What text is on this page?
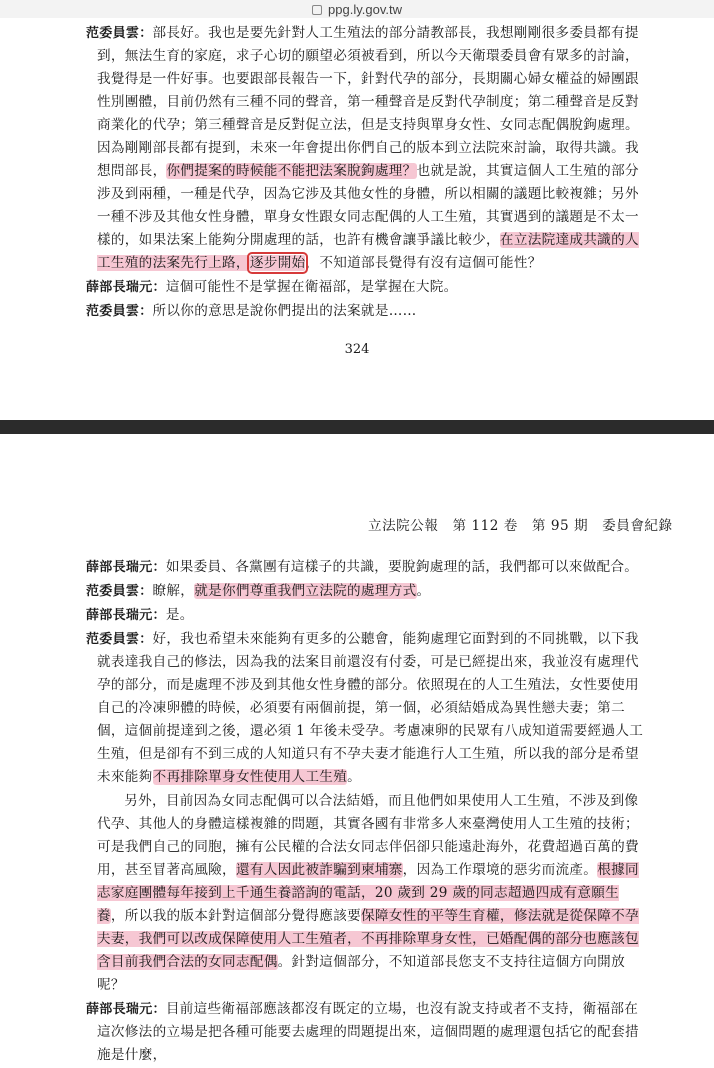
ppg.ly.gov.tw

范委員雲：部長好。我也是要先針對人工生殖法的部分請教部長，我想剛剛很多委員都有提到，無法生育的家庭，求子心切的願望必須被看到，所以今天衛環委員會有眾多的討論，我覺得是一件好事。也要跟部長報告一下，針對代孕的部分，長期關心婦女權益的婦團跟性別團體，目前仍然有三種不同的聲音，第一種聲音是反對代孕制度；第二種聲音是反對商業化的代孕；第三種聲音是反對促立法，但是支持與單身女性、女同志配偶脫鉤處理。因為剛剛部長都有提到，未來一年會提出你們自己的版本到立法院來討論，取得共識。我想問部長，你們提案的時候能不能把法案脫鉤處理？也就是說，其實這個人工生殖的部分涉及到兩種，一種是代孕，因為它涉及其他女性的身體，所以相關的議題比較複雜；另外一種不涉及其他女性身體，單身女性跟女同志配偶的人工生殖，其實遇到的議題是不太一樣的，如果法案上能夠分開處理的話，也許有機會讓爭議比較少，在立法院達成共識的人工生殖的法案先行上路，逐步開始，不知道部長覺得有沒有這個可能性？

薛部長瑞元：這個可能性不是掌握在衛福部，是掌握在大院。

范委員雲：所以你的意思是說你們提出的法案就是……

324
立法院公報　第 112 卷　第 95 期　委員會紀錄

薛部長瑞元：如果委員、各黨團有這樣子的共識，要脫鉤處理的話，我們都可以來做配合。

范委員雲：瞭解，就是你們尊重我們立法院的處理方式。

薛部長瑞元：是。

范委員雲：好，我也希望未來能夠有更多的公聽會，能夠處理它面對到的不同挑戰，以下我就表達我自己的修法，因為我的法案目前還沒有付委，可是已經提出來，我並沒有處理代孕的部分，而是處理不涉及到其他女性身體的部分。依照現在的人工生殖法，女性要使用自己的冷凍卵體的時候，必須要有兩個前提，第一個，必須結婚成為異性戀夫妻；第二個，這個前提達到之後，還必須 1 年後未受孕。考慮凍卵的民眾有八成知道需要經過人工生殖，但是卻有不到三成的人知道只有不孕夫妻才能進行人工生殖，所以我的部分是希望未來能夠不再排除單身女性使用人工生殖。

另外，目前因為女同志配偶可以合法結婚，而且他們如果使用人工生殖，不涉及到像代孕、其他人的身體這樣複雜的問題，其實各國有非常多人來臺灣使用人工生殖的技術；可是我們自己的同胞，擁有公民權的合法女同志伴侶卻只能遠赴海外，花費超過百萬的費用，甚至冒著高風險，還有人因此被詐騙到柬埔寨，因為工作環境的惡劣而流產。根據同志家庭團體每年接到上千通生養諮詢的電話，20 歲到 29 歲的同志超過四成有意願生養，所以我的版本針對這個部分覺得應該要保障女性的平等生育權，修法就是從保障不孕夫妻，我們可以改成保障使用人工生殖者，不再排除單身女性，已婚配偶的部分也應該包含目前我們合法的女同志配偶。針對這個部分，不知道部長您支不支持往這個方向開放呢？

薛部長瑞元：目前這些衛福部應該都沒有既定的立場，也沒有說支持或者不支持，衛福部在這次修法的立場是把各種可能要去處理的問題提出來，這個問題的處理還包括它的配套措施是什麼，
